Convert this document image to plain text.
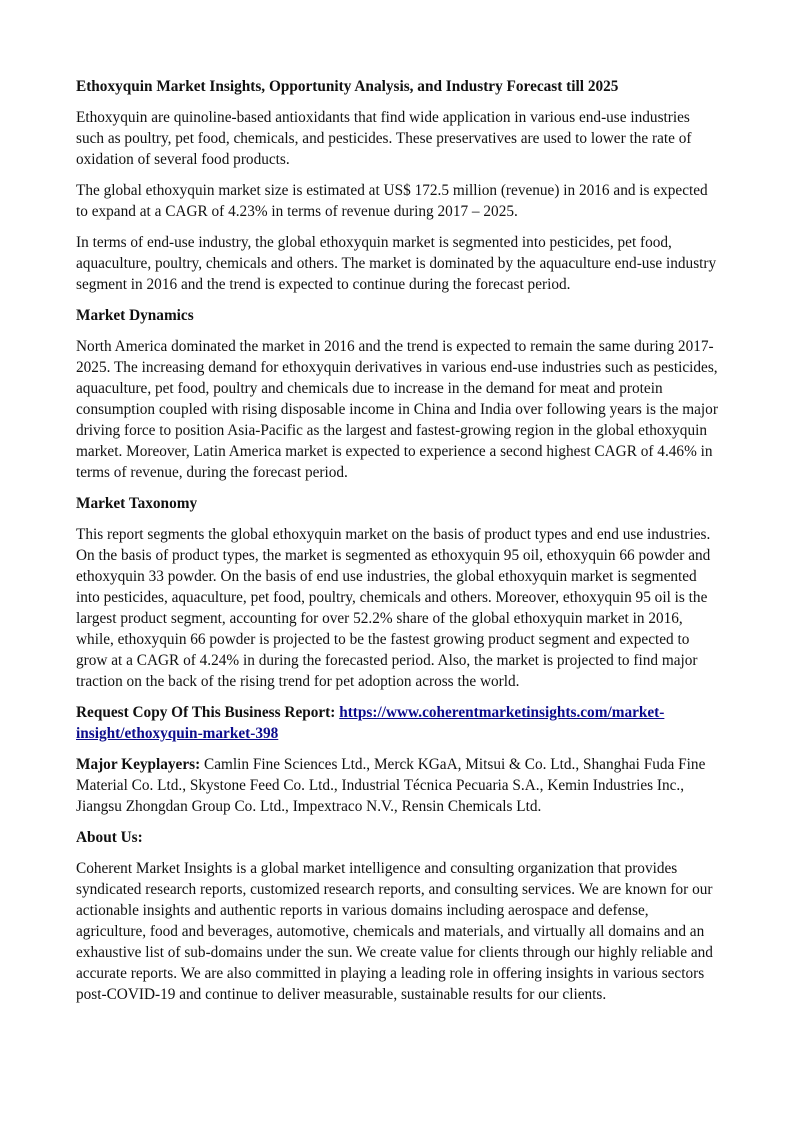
Ethoxyquin Market Insights, Opportunity Analysis, and Industry Forecast till 2025

Ethoxyquin are quinoline-based antioxidants that find wide application in various end-use industries such as poultry, pet food, chemicals, and pesticides. These preservatives are used to lower the rate of oxidation of several food products.

The global ethoxyquin market size is estimated at US$ 172.5 million (revenue) in 2016 and is expected to expand at a CAGR of 4.23% in terms of revenue during 2017 – 2025.

In terms of end-use industry, the global ethoxyquin market is segmented into pesticides, pet food, aquaculture, poultry, chemicals and others. The market is dominated by the aquaculture end-use industry segment in 2016 and the trend is expected to continue during the forecast period.

Market Dynamics

North America dominated the market in 2016 and the trend is expected to remain the same during 2017-2025. The increasing demand for ethoxyquin derivatives in various end-use industries such as pesticides, aquaculture, pet food, poultry and chemicals due to increase in the demand for meat and protein consumption coupled with rising disposable income in China and India over following years is the major driving force to position Asia-Pacific as the largest and fastest-growing region in the global ethoxyquin market. Moreover, Latin America market is expected to experience a second highest CAGR of 4.46% in terms of revenue, during the forecast period.

Market Taxonomy

This report segments the global ethoxyquin market on the basis of product types and end use industries. On the basis of product types, the market is segmented as ethoxyquin 95 oil, ethoxyquin 66 powder and ethoxyquin 33 powder. On the basis of end use industries, the global ethoxyquin market is segmented into pesticides, aquaculture, pet food, poultry, chemicals and others. Moreover, ethoxyquin 95 oil is the largest product segment, accounting for over 52.2% share of the global ethoxyquin market in 2016, while, ethoxyquin 66 powder is projected to be the fastest growing product segment and expected to grow at a CAGR of 4.24% in during the forecasted period. Also, the market is projected to find major traction on the back of the rising trend for pet adoption across the world.

Request Copy Of This Business Report: https://www.coherentmarketinsights.com/market-insight/ethoxyquin-market-398

Major Keyplayers: Camlin Fine Sciences Ltd., Merck KGaA, Mitsui & Co. Ltd., Shanghai Fuda Fine Material Co. Ltd., Skystone Feed Co. Ltd., Industrial Técnica Pecuaria S.A., Kemin Industries Inc., Jiangsu Zhongdan Group Co. Ltd., Impextraco N.V., Rensin Chemicals Ltd.

About Us:

Coherent Market Insights is a global market intelligence and consulting organization that provides syndicated research reports, customized research reports, and consulting services. We are known for our actionable insights and authentic reports in various domains including aerospace and defense, agriculture, food and beverages, automotive, chemicals and materials, and virtually all domains and an exhaustive list of sub-domains under the sun. We create value for clients through our highly reliable and accurate reports. We are also committed in playing a leading role in offering insights in various sectors post-COVID-19 and continue to deliver measurable, sustainable results for our clients.
